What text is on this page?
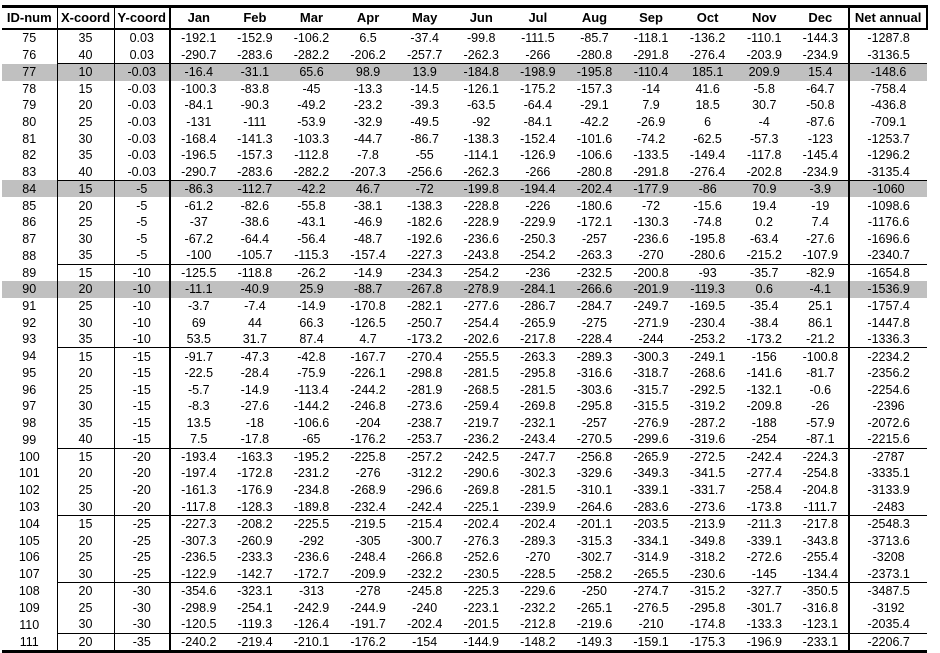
ID-num	X-coord	Y-coord	Jan	Feb	Mar	Apr	May	Jun	Jul	Aug	Sep	Oct	Nov	Dec	Net annual
75	35	0.03	-192.1	-152.9	-106.2	6.5	-37.4	-99.8	-111.5	-85.7	-118.1	-136.2	-110.1	-144.3	-1287.8
76	40	0.03	-290.7	-283.6	-282.2	-206.2	-257.7	-262.3	-266	-280.8	-291.8	-276.4	-203.9	-234.9	-3136.5
77	10	-0.03	-16.4	-31.1	65.6	98.9	13.9	-184.8	-198.9	-195.8	-110.4	185.1	209.9	15.4	-148.6
78	15	-0.03	-100.3	-83.8	-45	-13.3	-14.5	-126.1	-175.2	-157.3	-14	41.6	-5.8	-64.7	-758.4
79	20	-0.03	-84.1	-90.3	-49.2	-23.2	-39.3	-63.5	-64.4	-29.1	7.9	18.5	30.7	-50.8	-436.8
80	25	-0.03	-131	-111	-53.9	-32.9	-49.5	-92	-84.1	-42.2	-26.9	6	-4	-87.6	-709.1
81	30	-0.03	-168.4	-141.3	-103.3	-44.7	-86.7	-138.3	-152.4	-101.6	-74.2	-62.5	-57.3	-123	-1253.7
82	35	-0.03	-196.5	-157.3	-112.8	-7.8	-55	-114.1	-126.9	-106.6	-133.5	-149.4	-117.8	-145.4	-1296.2
83	40	-0.03	-290.7	-283.6	-282.2	-207.3	-256.6	-262.3	-266	-280.8	-291.8	-276.4	-202.8	-234.9	-3135.4
84	15	-5	-86.3	-112.7	-42.2	46.7	-72	-199.8	-194.4	-202.4	-177.9	-86	70.9	-3.9	-1060
85	20	-5	-61.2	-82.6	-55.8	-38.1	-138.3	-228.8	-226	-180.6	-72	-15.6	19.4	-19	-1098.6
86	25	-5	-37	-38.6	-43.1	-46.9	-182.6	-228.9	-229.9	-172.1	-130.3	-74.8	0.2	7.4	-1176.6
87	30	-5	-67.2	-64.4	-56.4	-48.7	-192.6	-236.6	-250.3	-257	-236.6	-195.8	-63.4	-27.6	-1696.6
88	35	-5	-100	-105.7	-115.3	-157.4	-227.3	-243.8	-254.2	-263.3	-270	-280.6	-215.2	-107.9	-2340.7
89	15	-10	-125.5	-118.8	-26.2	-14.9	-234.3	-254.2	-236	-232.5	-200.8	-93	-35.7	-82.9	-1654.8
90	20	-10	-11.1	-40.9	25.9	-88.7	-267.8	-278.9	-284.1	-266.6	-201.9	-119.3	0.6	-4.1	-1536.9
91	25	-10	-3.7	-7.4	-14.9	-170.8	-282.1	-277.6	-286.7	-284.7	-249.7	-169.5	-35.4	25.1	-1757.4
92	30	-10	69	44	66.3	-126.5	-250.7	-254.4	-265.9	-275	-271.9	-230.4	-38.4	86.1	-1447.8
93	35	-10	53.5	31.7	87.4	4.7	-173.2	-202.6	-217.8	-228.4	-244	-253.2	-173.2	-21.2	-1336.3
94	15	-15	-91.7	-47.3	-42.8	-167.7	-270.4	-255.5	-263.3	-289.3	-300.3	-249.1	-156	-100.8	-2234.2
95	20	-15	-22.5	-28.4	-75.9	-226.1	-298.8	-281.5	-295.8	-316.6	-318.7	-268.6	-141.6	-81.7	-2356.2
96	25	-15	-5.7	-14.9	-113.4	-244.2	-281.9	-268.5	-281.5	-303.6	-315.7	-292.5	-132.1	-0.6	-2254.6
97	30	-15	-8.3	-27.6	-144.2	-246.8	-273.6	-259.4	-269.8	-295.8	-315.5	-319.2	-209.8	-26	-2396
98	35	-15	13.5	-18	-106.6	-204	-238.7	-219.7	-232.1	-257	-276.9	-287.2	-188	-57.9	-2072.6
99	40	-15	7.5	-17.8	-65	-176.2	-253.7	-236.2	-243.4	-270.5	-299.6	-319.6	-254	-87.1	-2215.6
100	15	-20	-193.4	-163.3	-195.2	-225.8	-257.2	-242.5	-247.7	-256.8	-265.9	-272.5	-242.4	-224.3	-2787
101	20	-20	-197.4	-172.8	-231.2	-276	-312.2	-290.6	-302.3	-329.6	-349.3	-341.5	-277.4	-254.8	-3335.1
102	25	-20	-161.3	-176.9	-234.8	-268.9	-296.6	-269.8	-281.5	-310.1	-339.1	-331.7	-258.4	-204.8	-3133.9
103	30	-20	-117.8	-128.3	-189.8	-232.4	-242.4	-225.1	-239.9	-264.6	-283.6	-273.6	-173.8	-111.7	-2483
104	15	-25	-227.3	-208.2	-225.5	-219.5	-215.4	-202.4	-202.4	-201.1	-203.5	-213.9	-211.3	-217.8	-2548.3
105	20	-25	-307.3	-260.9	-292	-305	-300.7	-276.3	-289.3	-315.3	-334.1	-349.8	-339.1	-343.8	-3713.6
106	25	-25	-236.5	-233.3	-236.6	-248.4	-266.8	-252.6	-270	-302.7	-314.9	-318.2	-272.6	-255.4	-3208
107	30	-25	-122.9	-142.7	-172.7	-209.9	-232.2	-230.5	-228.5	-258.2	-265.5	-230.6	-145	-134.4	-2373.1
108	20	-30	-354.6	-323.1	-313	-278	-245.8	-225.3	-229.6	-250	-274.7	-315.2	-327.7	-350.5	-3487.5
109	25	-30	-298.9	-254.1	-242.9	-244.9	-240	-223.1	-232.2	-265.1	-276.5	-295.8	-301.7	-316.8	-3192
110	30	-30	-120.5	-119.3	-126.4	-191.7	-202.4	-201.5	-212.8	-219.6	-210	-174.8	-133.3	-123.1	-2035.4
111	20	-35	-240.2	-219.4	-210.1	-176.2	-154	-144.9	-148.2	-149.3	-159.1	-175.3	-196.9	-233.1	-2206.7
